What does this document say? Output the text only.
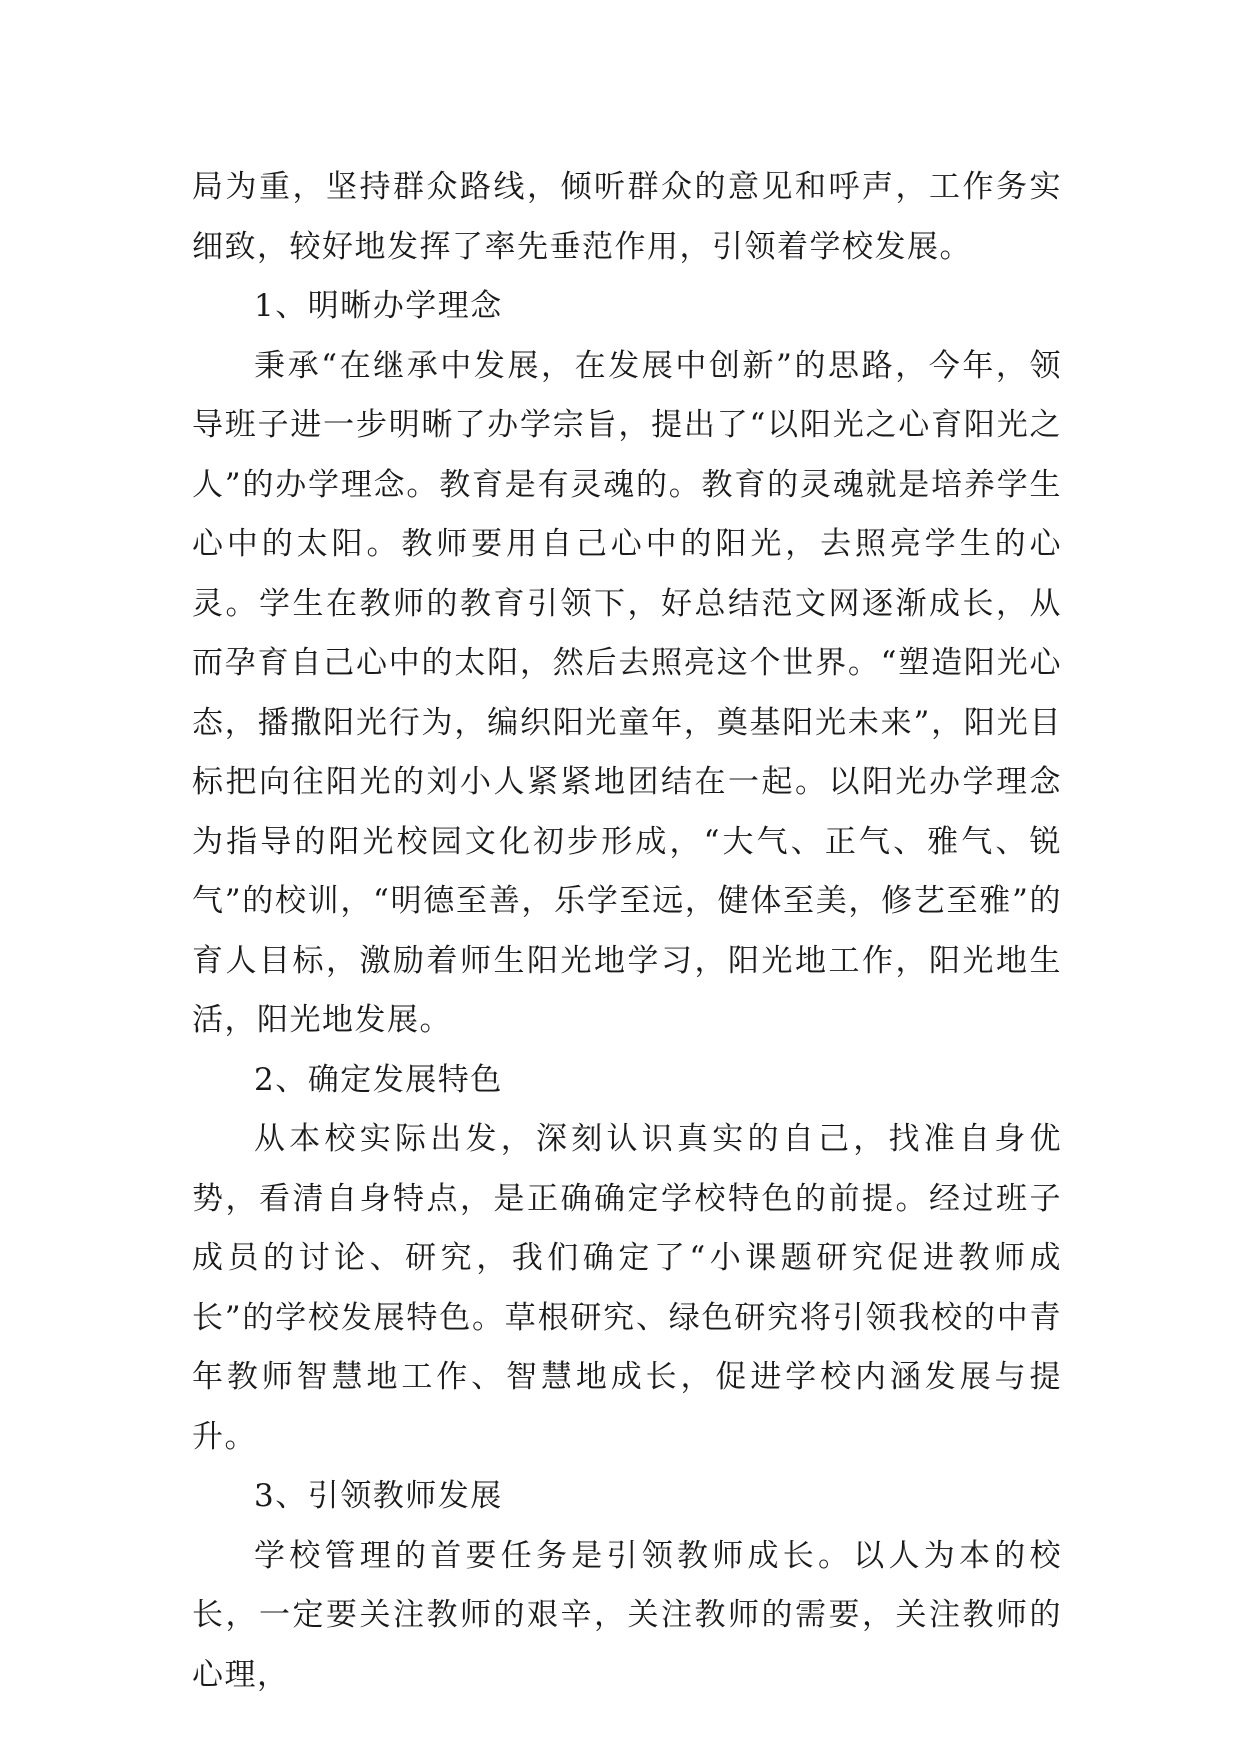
局为重，坚持群众路线，倾听群众的意见和呼声，工作务实细致，较好地发挥了率先垂范作用，引领着学校发展。

1、明晰办学理念

秉承“在继承中发展，在发展中创新”的思路，今年，领导班子进一步明晰了办学宗旨，提出了“以阳光之心育阳光之人”的办学理念。教育是有灵魂的。教育的灵魂就是培养学生心中的太阳。教师要用自己心中的阳光，去照亮学生的心灵。学生在教师的教育引领下，好总结范文网逐渐成长，从而孕育自己心中的太阳，然后去照亮这个世界。“塑造阳光心态，播撒阳光行为，编织阳光童年，奠基阳光未来”，阳光目标把向往阳光的刘小人紧紧地团结在一起。以阳光办学理念为指导的阳光校园文化初步形成，“大气、正气、雅气、锐气”的校训，“明德至善，乐学至远，健体至美，修艺至雅”的育人目标，激励着师生阳光地学习，阳光地工作，阳光地生活，阳光地发展。

2、确定发展特色

从本校实际出发，深刻认识真实的自己，找准自身优势，看清自身特点，是正确确定学校特色的前提。经过班子成员的讨论、研究，我们确定了“小课题研究促进教师成长”的学校发展特色。草根研究、绿色研究将引领我校的中青年教师智慧地工作、智慧地成长，促进学校内涵发展与提升。

3、引领教师发展

学校管理的首要任务是引领教师成长。以人为本的校长，一定要关注教师的艰辛，关注教师的需要，关注教师的心理，
